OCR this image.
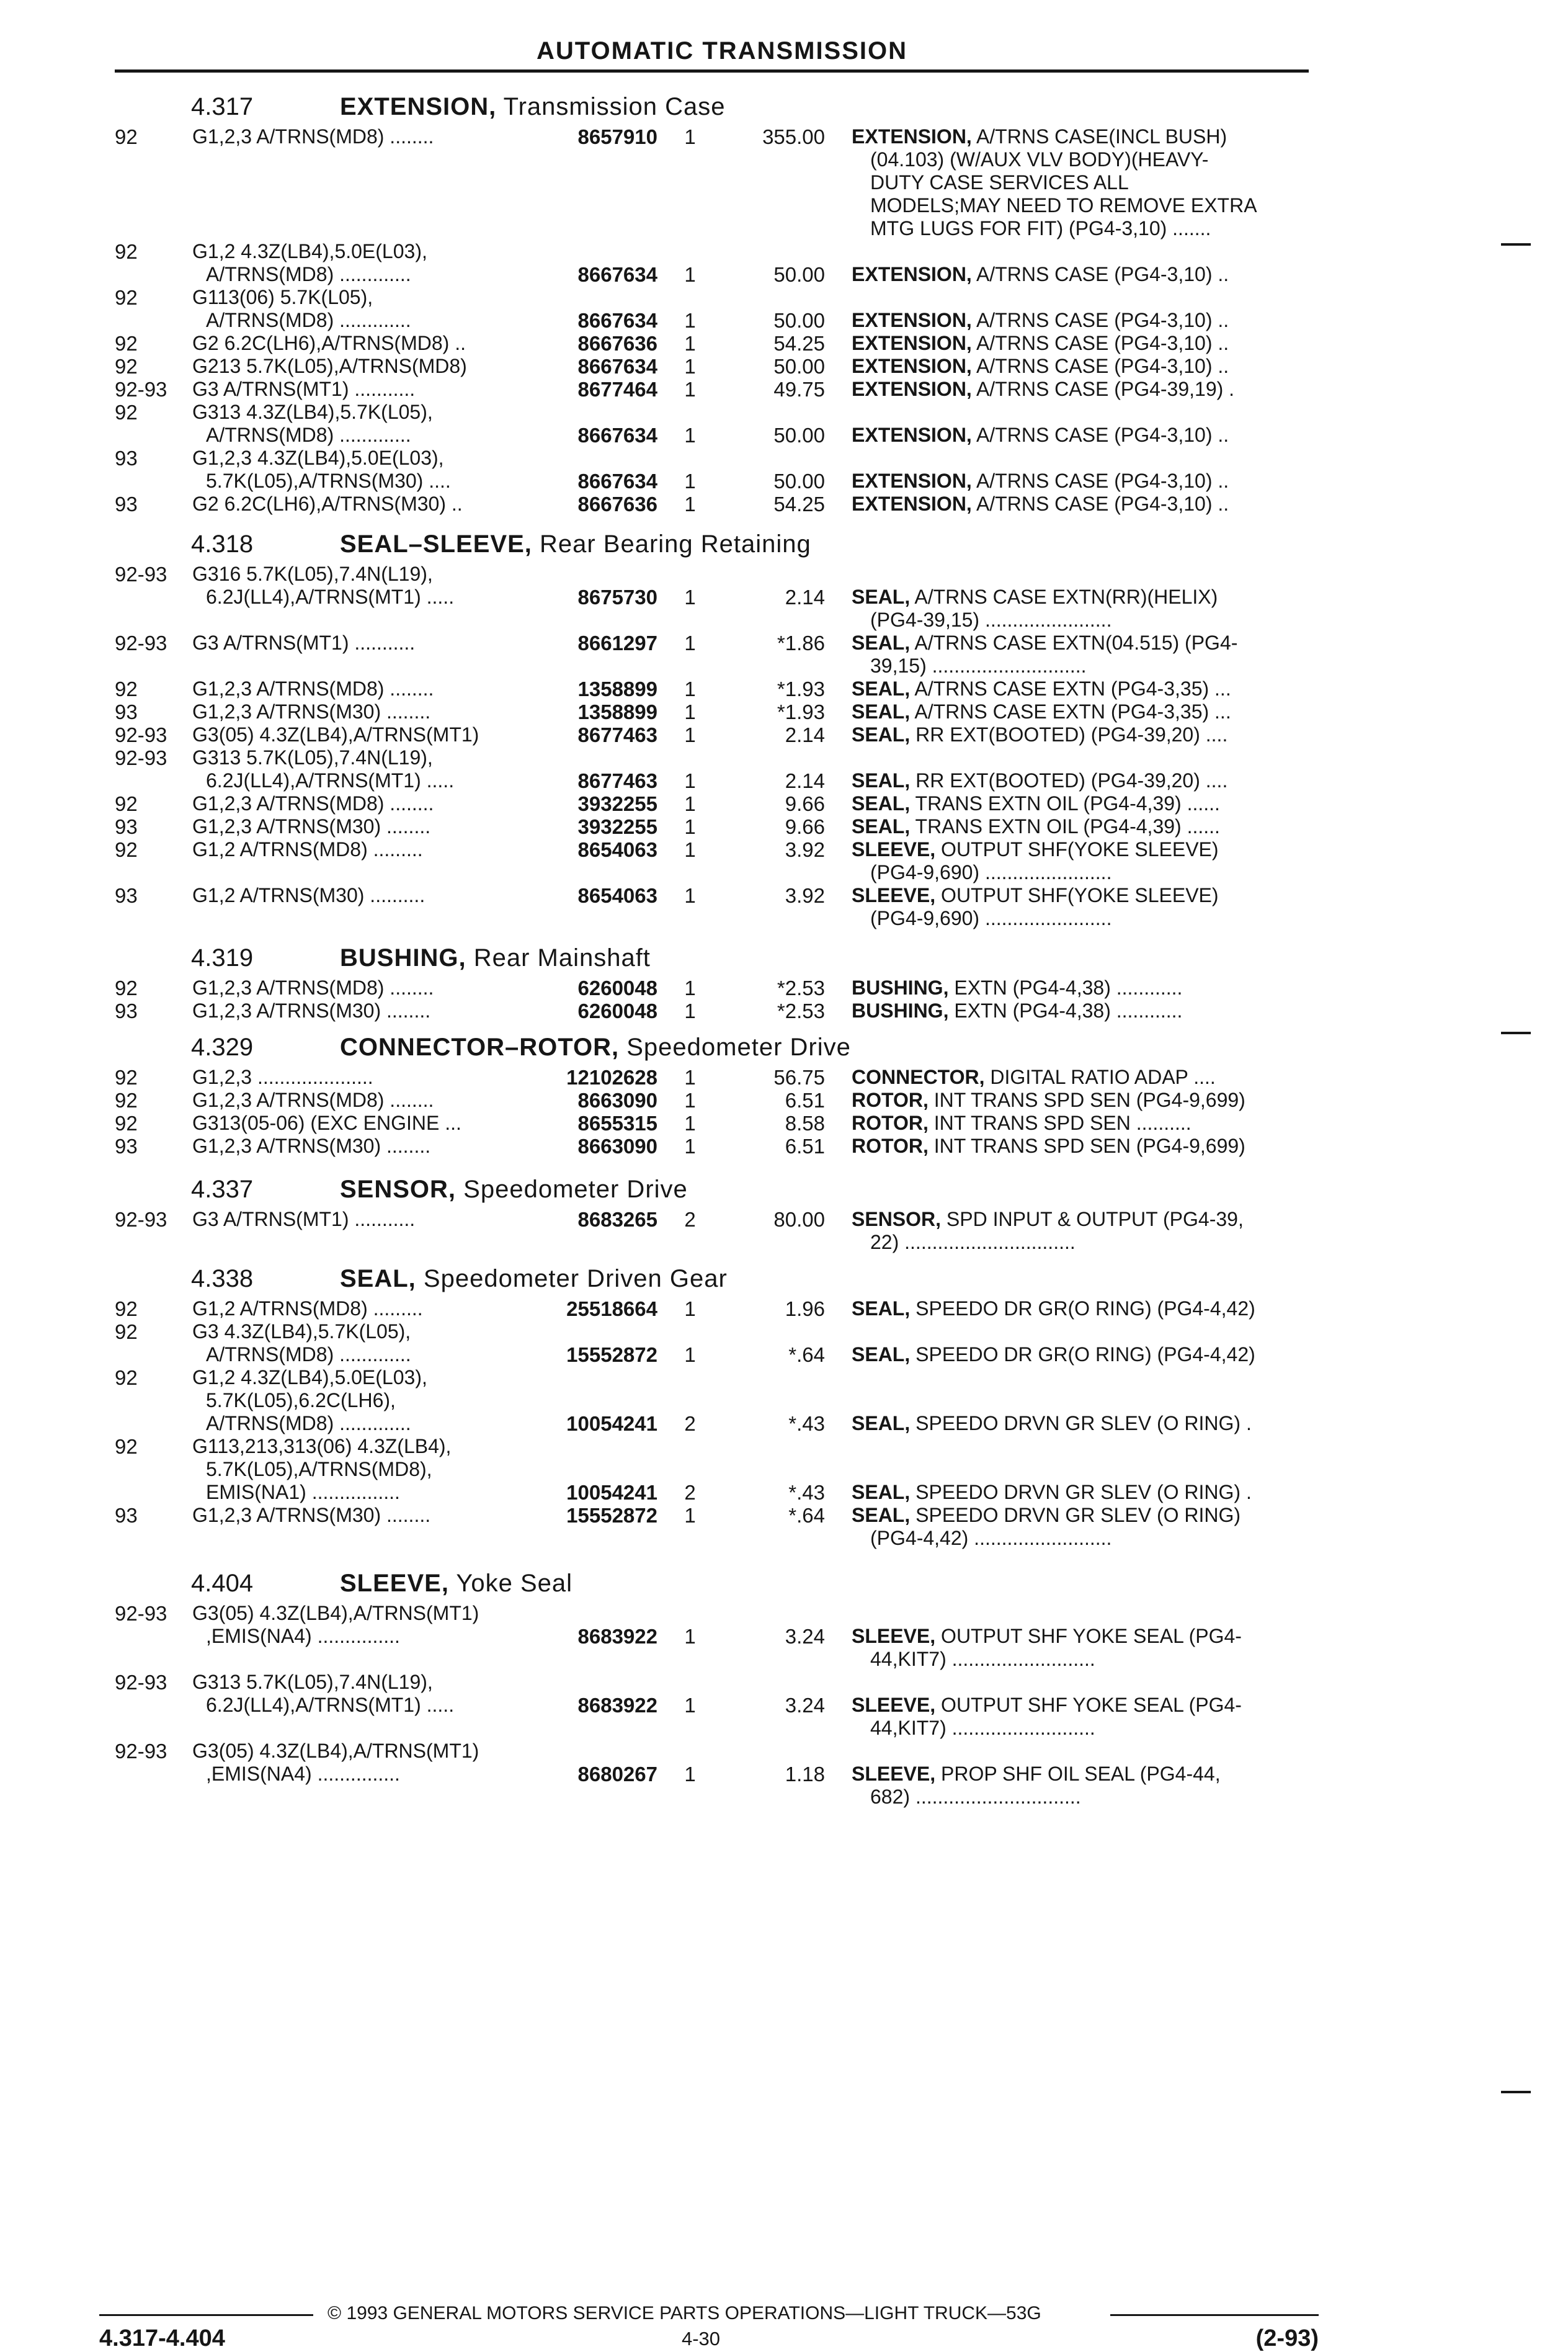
AUTOMATIC TRANSMISSION
4.317	EXTENSION, Transmission Case
92	G1,2,3 A/TRNS(MD8) ........	8657910 1	355.00 EXTENSION, A/TRNS CASE(INCL BUSH)
(04.103) (W/AUX VLV BODY)(HEAVY-
DUTY CASE SERVICES ALL
MODELS;MAY NEED TO REMOVE EXTRA
MTG LUGS FOR FIT) (PG4-3,10) .......
92	G1,2 4.3Z(LB4),5.0E(L03),
A/TRNS(MD8) .............	8667634 1	50.00 EXTENSION, A/TRNS CASE (PG4-3,10) ..
92	G113(06) 5.7K(L05),
A/TRNS(MD8) .............	8667634 1	50.00 EXTENSION, A/TRNS CASE (PG4-3,10) ..
92	G2 6.2C(LH6),A/TRNS(MD8) ..	8667636 1	54.25 EXTENSION, A/TRNS CASE (PG4-3,10) ..
92	G213 5.7K(L05),A/TRNS(MD8)	8667634 1	50.00 EXTENSION, A/TRNS CASE (PG4-3,10) ..
92-93 G3 A/TRNS(MT1) ...........	8677464 1	49.75 EXTENSION, A/TRNS CASE (PG4-39,19) .
92	G313 4.3Z(LB4),5.7K(L05),
A/TRNS(MD8) .............	8667634 1	50.00 EXTENSION, A/TRNS CASE (PG4-3,10) ..
93	G1,2,3 4.3Z(LB4),5.0E(L03),
5.7K(L05),A/TRNS(M30) ....	8667634 1	50.00 EXTENSION, A/TRNS CASE (PG4-3,10) ..
93	G2 6.2C(LH6),A/TRNS(M30) ..	8667636 1	54.25 EXTENSION, A/TRNS CASE (PG4-3,10) ..
4.318	SEAL–SLEEVE, Rear Bearing Retaining
92-93 G316 5.7K(L05),7.4N(L19),
6.2J(LL4),A/TRNS(MT1) .....	8675730 1	2.14 SEAL, A/TRNS CASE EXTN(RR)(HELIX)
(PG4-39,15) .......................
92-93 G3 A/TRNS(MT1) ...........	8661297 1	*1.86 SEAL, A/TRNS CASE EXTN(04.515) (PG4-
39,15) ............................
92	G1,2,3 A/TRNS(MD8) ........	1358899 1	*1.93 SEAL, A/TRNS CASE EXTN (PG4-3,35) ...
93	G1,2,3 A/TRNS(M30) ........	1358899 1	*1.93 SEAL, A/TRNS CASE EXTN (PG4-3,35) ...
92-93 G3(05) 4.3Z(LB4),A/TRNS(MT1)	8677463 1	2.14 SEAL, RR EXT(BOOTED) (PG4-39,20) ....
92-93 G313 5.7K(L05),7.4N(L19),
6.2J(LL4),A/TRNS(MT1) .....	8677463 1	2.14 SEAL, RR EXT(BOOTED) (PG4-39,20) ....
92	G1,2,3 A/TRNS(MD8) ........	3932255 1	9.66 SEAL, TRANS EXTN OIL (PG4-4,39) ......
93	G1,2,3 A/TRNS(M30) ........	3932255 1	9.66 SEAL, TRANS EXTN OIL (PG4-4,39) ......
92	G1,2 A/TRNS(MD8) .........	8654063 1	3.92 SLEEVE, OUTPUT SHF(YOKE SLEEVE)
(PG4-9,690) .......................
93	G1,2 A/TRNS(M30) ..........	8654063 1	3.92 SLEEVE, OUTPUT SHF(YOKE SLEEVE)
(PG4-9,690) .......................
4.319	BUSHING, Rear Mainshaft
92	G1,2,3 A/TRNS(MD8) ........	6260048 1	*2.53 BUSHING, EXTN (PG4-4,38) ............
93	G1,2,3 A/TRNS(M30) ........	6260048 1	*2.53 BUSHING, EXTN (PG4-4,38) ............
4.329	CONNECTOR–ROTOR, Speedometer Drive
92	G1,2,3 .....................	12102628 1	56.75 CONNECTOR, DIGITAL RATIO ADAP ....
92	G1,2,3 A/TRNS(MD8) ........	8663090 1	6.51 ROTOR, INT TRANS SPD SEN (PG4-9,699)
92	G313(05-06) (EXC ENGINE ...	8655315 1	8.58 ROTOR, INT TRANS SPD SEN ..........
93	G1,2,3 A/TRNS(M30) ........	8663090 1	6.51 ROTOR, INT TRANS SPD SEN (PG4-9,699)
4.337	SENSOR, Speedometer Drive
92-93 G3 A/TRNS(MT1) ...........	8683265 2	80.00 SENSOR, SPD INPUT & OUTPUT (PG4-39,
22) ...............................
4.338	SEAL, Speedometer Driven Gear
92	G1,2 A/TRNS(MD8) .........	25518664 1	1.96 SEAL, SPEEDO DR GR(O RING) (PG4-4,42)
92	G3 4.3Z(LB4),5.7K(L05),
A/TRNS(MD8) .............	15552872 1	*.64 SEAL, SPEEDO DR GR(O RING) (PG4-4,42)
92	G1,2 4.3Z(LB4),5.0E(L03),
5.7K(L05),6.2C(LH6),
A/TRNS(MD8) .............	10054241 2	*.43 SEAL, SPEEDO DRVN GR SLEV (O RING) .
92	G113,213,313(06) 4.3Z(LB4),
5.7K(L05),A/TRNS(MD8),
EMIS(NA1) ................	10054241 2	*.43 SEAL, SPEEDO DRVN GR SLEV (O RING) .
93	G1,2,3 A/TRNS(M30) ........	15552872 1	*.64 SEAL, SPEEDO DRVN GR SLEV (O RING)
(PG4-4,42) .........................
4.404	SLEEVE, Yoke Seal
92-93 G3(05) 4.3Z(LB4),A/TRNS(MT1)
,EMIS(NA4) ...............	8683922 1	3.24 SLEEVE, OUTPUT SHF YOKE SEAL (PG4-
44,KIT7) ..........................
92-93 G313 5.7K(L05),7.4N(L19),
6.2J(LL4),A/TRNS(MT1) .....	8683922 1	3.24 SLEEVE, OUTPUT SHF YOKE SEAL (PG4-
44,KIT7) ..........................
92-93 G3(05) 4.3Z(LB4),A/TRNS(MT1)
,EMIS(NA4) ...............	8680267 1	1.18 SLEEVE, PROP SHF OIL SEAL (PG4-44,
682) ..............................
© 1993 GENERAL MOTORS SERVICE PARTS OPERATIONS—LIGHT TRUCK—53G
4.317-4.404	4-30	(2-93)
